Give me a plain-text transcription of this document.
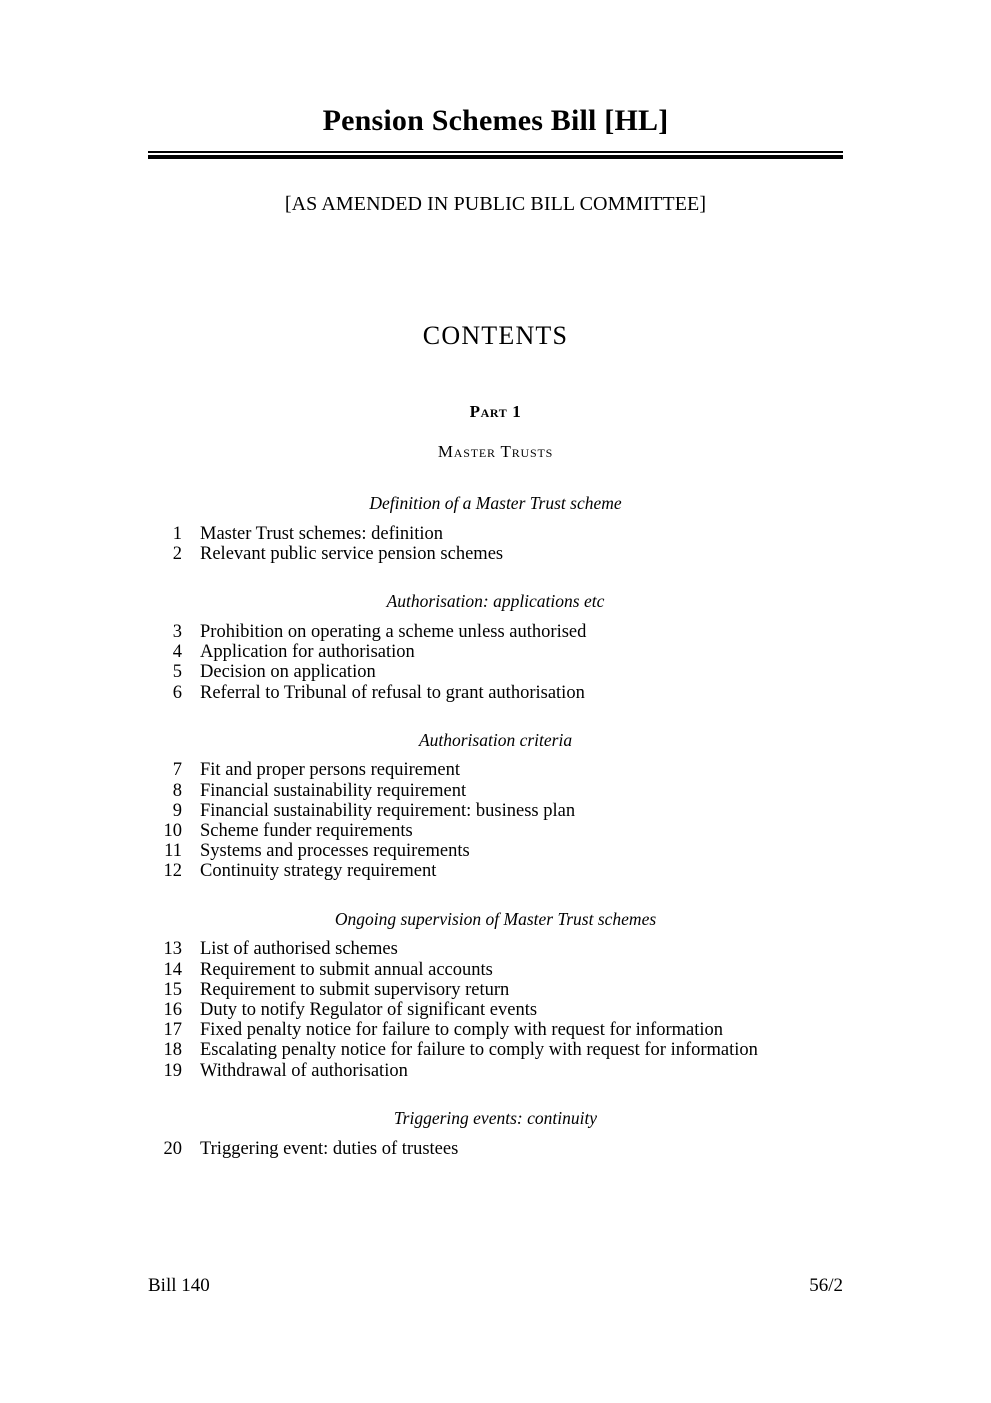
Pension Schemes Bill [HL]
[AS AMENDED IN PUBLIC BILL COMMITTEE]
CONTENTS
Part 1
Master Trusts
Definition of a Master Trust scheme
1 Master Trust schemes: definition
2 Relevant public service pension schemes
Authorisation: applications etc
3 Prohibition on operating a scheme unless authorised
4 Application for authorisation
5 Decision on application
6 Referral to Tribunal of refusal to grant authorisation
Authorisation criteria
7 Fit and proper persons requirement
8 Financial sustainability requirement
9 Financial sustainability requirement: business plan
10 Scheme funder requirements
11 Systems and processes requirements
12 Continuity strategy requirement
Ongoing supervision of Master Trust schemes
13 List of authorised schemes
14 Requirement to submit annual accounts
15 Requirement to submit supervisory return
16 Duty to notify Regulator of significant events
17 Fixed penalty notice for failure to comply with request for information
18 Escalating penalty notice for failure to comply with request for information
19 Withdrawal of authorisation
Triggering events: continuity
20 Triggering event: duties of trustees
Bill 140	56/2
